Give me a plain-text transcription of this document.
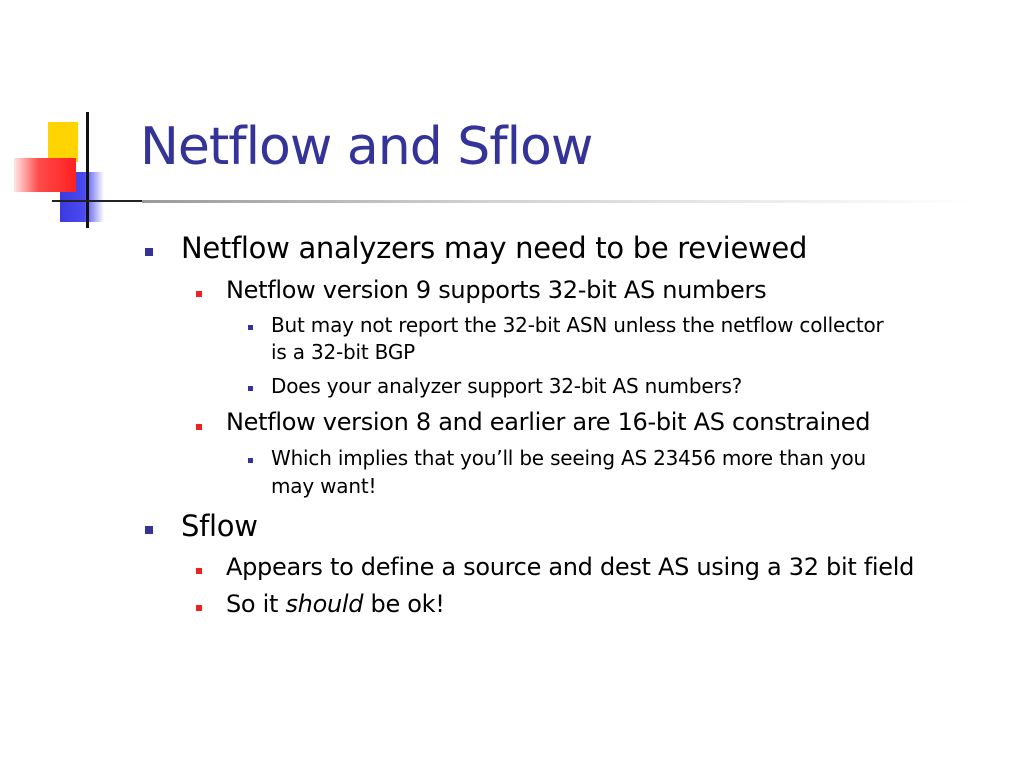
Netflow and Sflow
Netflow analyzers may need to be reviewed
Netflow version 9 supports 32-bit AS numbers
But may not report the 32-bit ASN unless the netflow collector
is a 32-bit BGP
Does your analyzer support 32-bit AS numbers?
Netflow version 8 and earlier are 16-bit AS constrained
Which implies that you’ll be seeing AS 23456 more than you
may want!
Sflow
Appears to define a source and dest AS using a 32 bit field
So it should be ok!
